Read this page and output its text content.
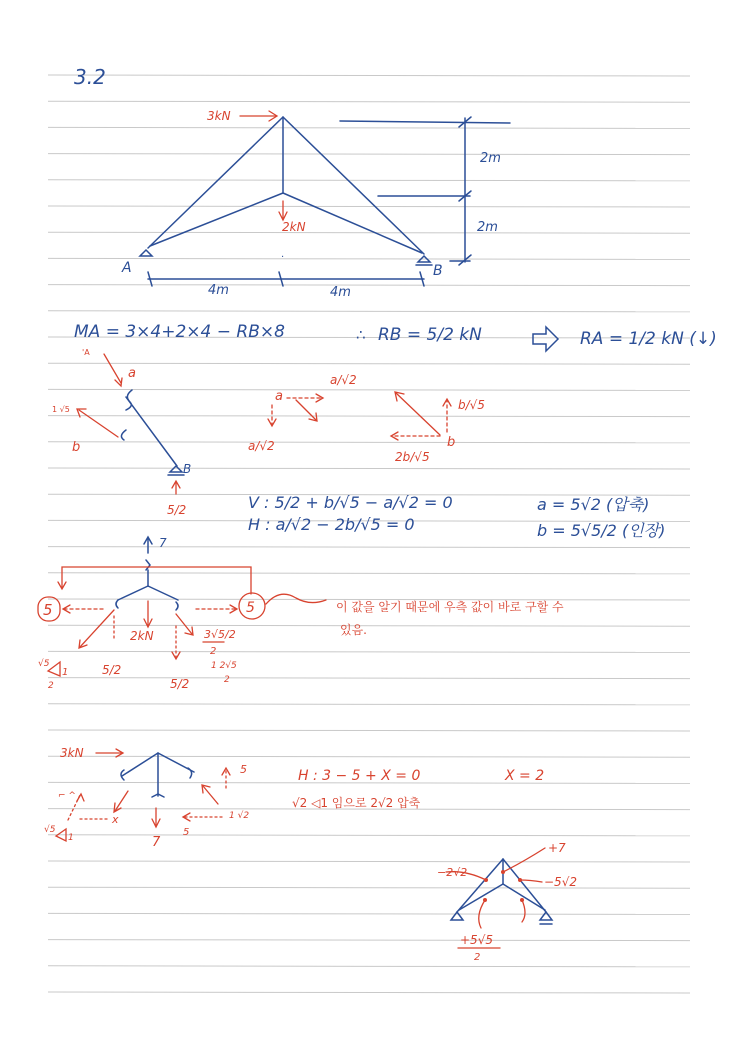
3.2
A	B
3kN
2kN
·
4m	4m
2m
2m
MA = 3×4+2×4 − RB×8	∴ RB = 5/2 kN	RA = 1/2 kN (↓)
B
a
'A
b
1 √5
5/2
a
a/√2
a/√2	b
b/√5
2b/√5
V : 5/2 + b/√5 − a/√2 = 0
H : a/√2 − 2b/√5 = 0
a = 5√2 (압축)
b = 5√5/2 (인장)
7
5	5
2kN	3√5/2
2
5/2
5/2
√5
1
2
1 2√5
2
이 값을 알기 때문에 우측 값이 바로 구할 수
있음.
3kN
7
5
5
1 √2
x
⌐ ^
√5
1
H : 3 − 5 + X = 0	X = 2
√2 ◁1 임으로 2√2 압축
+7
−2√2
−5√2
+5√5
2
